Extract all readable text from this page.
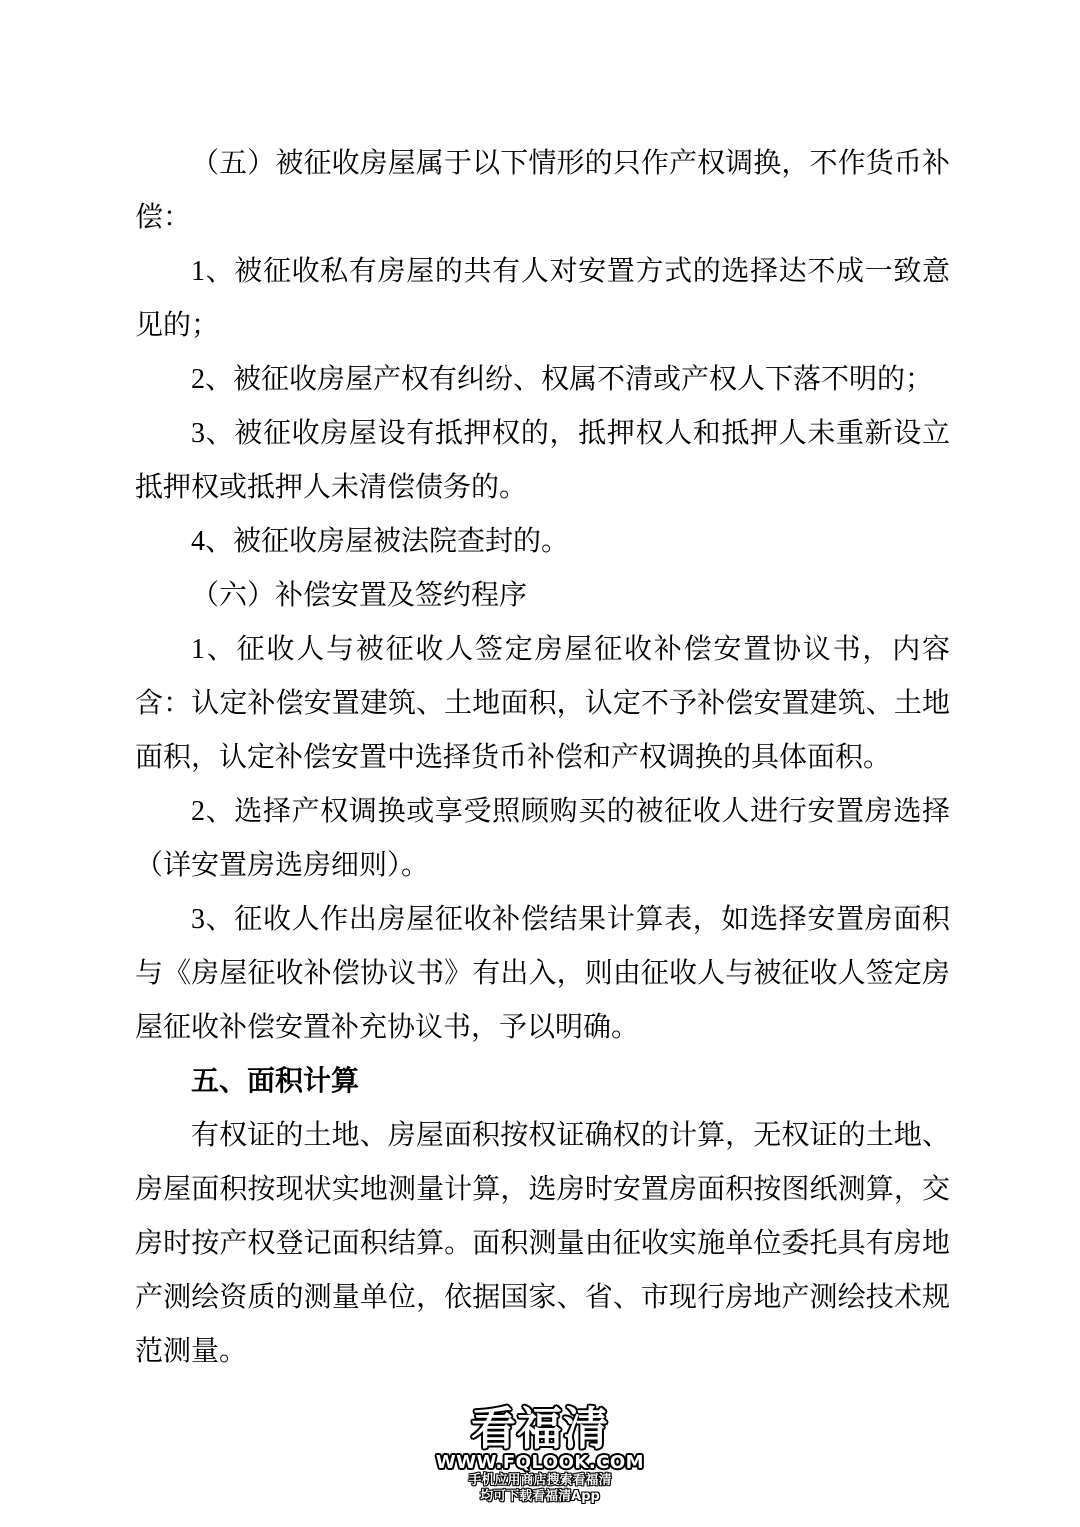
（五）被征收房屋属于以下情形的只作产权调换，不作货币补偿：

1、被征收私有房屋的共有人对安置方式的选择达不成一致意见的；

2、被征收房屋产权有纠纷、权属不清或产权人下落不明的；

3、被征收房屋设有抵押权的，抵押权人和抵押人未重新设立抵押权或抵押人未清偿债务的。

4、被征收房屋被法院查封的。

（六）补偿安置及签约程序

1、征收人与被征收人签定房屋征收补偿安置协议书，内容含：认定补偿安置建筑、土地面积，认定不予补偿安置建筑、土地面积，认定补偿安置中选择货币补偿和产权调换的具体面积。

2、选择产权调换或享受照顾购买的被征收人进行安置房选择（详安置房选房细则）。

3、征收人作出房屋征收补偿结果计算表，如选择安置房面积与《房屋征收补偿协议书》有出入，则由征收人与被征收人签定房屋征收补偿安置补充协议书，予以明确。

五、面积计算

有权证的土地、房屋面积按权证确权的计算，无权证的土地、房屋面积按现状实地测量计算，选房时安置房面积按图纸测算，交房时按产权登记面积结算。面积测量由征收实施单位委托具有房地产测绘资质的测量单位，依据国家、省、市现行房地产测绘技术规范测量。

看福清
WWW.FQLOOK.COM
手机应用商店搜索看福清
均可下载看福清App
